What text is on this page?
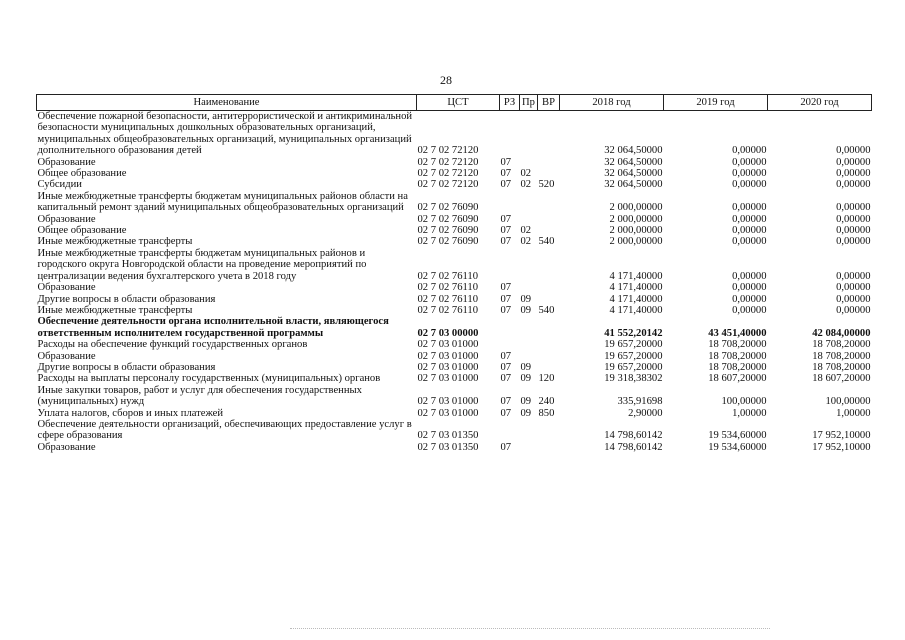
28
Наименование	ЦСТ	РЗ	Пр	ВР	2018 год	2019 год	2020 год
Обеспечение пожарной безопасности, антитеррористической и антикриминальной безопасности муниципальных дошкольных образовательных организаций, муниципальных общеобразовательных организаций, муниципальных организаций дополнительного образования детей	02 7 02 72120				32 064,50000	0,00000	0,00000
Образование	02 7 02 72120	07			32 064,50000	0,00000	0,00000
Общее образование	02 7 02 72120	07	02		32 064,50000	0,00000	0,00000
Субсидии	02 7 02 72120	07	02	520	32 064,50000	0,00000	0,00000
Иные межбюджетные трансферты бюджетам муниципальных районов области на капитальный ремонт зданий муниципальных общеобразовательных организаций	02 7 02 76090				2 000,00000	0,00000	0,00000
Образование	02 7 02 76090	07			2 000,00000	0,00000	0,00000
Общее образование	02 7 02 76090	07	02		2 000,00000	0,00000	0,00000
Иные межбюджетные трансферты	02 7 02 76090	07	02	540	2 000,00000	0,00000	0,00000
Иные межбюджетные трансферты бюджетам муниципальных районов и городского округа Новгородской области на проведение мероприятий по централизации ведения бухгалтерского учета в 2018 году	02 7 02 76110				4 171,40000	0,00000	0,00000
Образование	02 7 02 76110	07			4 171,40000	0,00000	0,00000
Другие вопросы в области образования	02 7 02 76110	07	09		4 171,40000	0,00000	0,00000
Иные межбюджетные трансферты	02 7 02 76110	07	09	540	4 171,40000	0,00000	0,00000
Обеспечение деятельности органа исполнительной власти, являющегося ответственным исполнителем государственной программы	02 7 03 00000				41 552,20142	43 451,40000	42 084,00000
Расходы на обеспечение функций государственных органов	02 7 03 01000				19 657,20000	18 708,20000	18 708,20000
Образование	02 7 03 01000	07			19 657,20000	18 708,20000	18 708,20000
Другие вопросы в области образования	02 7 03 01000	07	09		19 657,20000	18 708,20000	18 708,20000
Расходы на выплаты персоналу государственных (муниципальных) органов	02 7 03 01000	07	09	120	19 318,38302	18 607,20000	18 607,20000
Иные закупки товаров, работ и услуг для обеспечения государственных (муниципальных) нужд	02 7 03 01000	07	09	240	335,91698	100,00000	100,00000
Уплата налогов, сборов и иных платежей	02 7 03 01000	07	09	850	2,90000	1,00000	1,00000
Обеспечение деятельности организаций, обеспечивающих предоставление услуг в сфере образования	02 7 03 01350				14 798,60142	19 534,60000	17 952,10000
Образование	02 7 03 01350	07			14 798,60142	19 534,60000	17 952,10000
